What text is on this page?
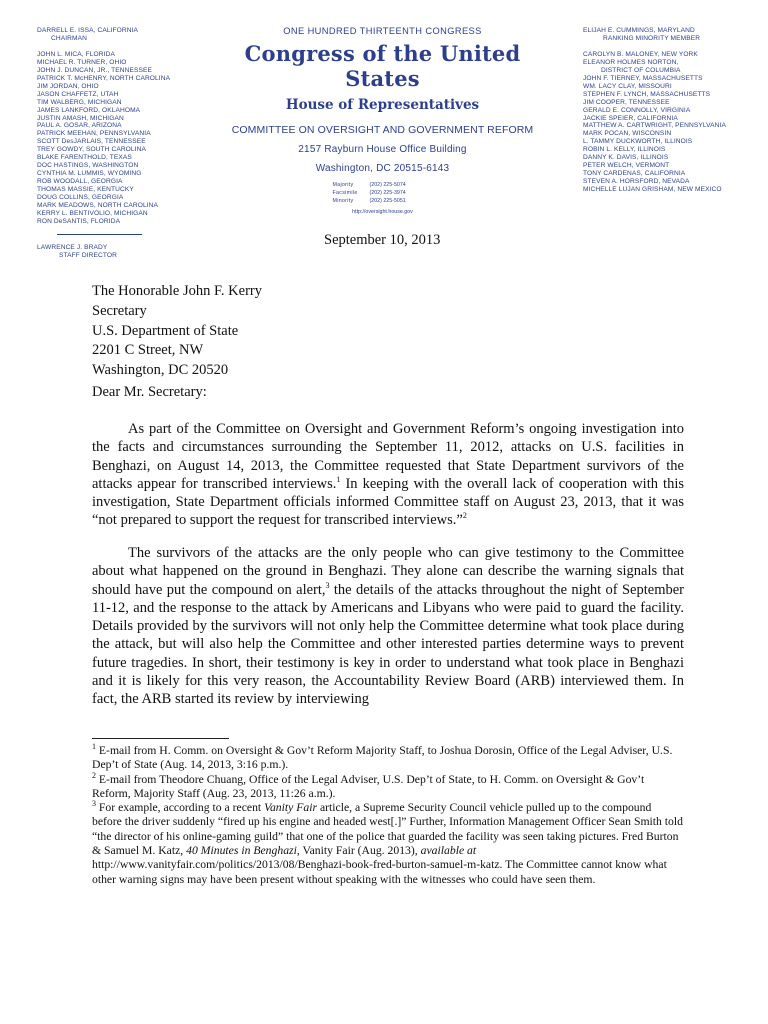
DARRELL E. ISSA, CALIFORNIA
CHAIRMAN
JOHN L. MICA, FLORIDA
MICHAEL R. TURNER, OHIO
JOHN J. DUNCAN, JR., TENNESSEE
PATRICK T. McHENRY, NORTH CAROLINA
JIM JORDAN, OHIO
JASON CHAFFETZ, UTAH
TIM WALBERG, MICHIGAN
JAMES LANKFORD, OKLAHOMA
JUSTIN AMASH, MICHIGAN
PAUL A. GOSAR, ARIZONA
PATRICK MEEHAN, PENNSYLVANIA
SCOTT DesJARLAIS, TENNESSEE
TREY GOWDY, SOUTH CAROLINA
BLAKE FARENTHOLD, TEXAS
DOC HASTINGS, WASHINGTON
CYNTHIA M. LUMMIS, WYOMING
ROB WOODALL, GEORGIA
THOMAS MASSIE, KENTUCKY
DOUG COLLINS, GEORGIA
MARK MEADOWS, NORTH CAROLINA
KERRY L. BENTIVOLIO, MICHIGAN
RON DeSANTIS, FLORIDA
LAWRENCE J. BRADY
STAFF DIRECTOR
ONE HUNDRED THIRTEENTH CONGRESS
Congress of the United States
House of Representatives
COMMITTEE ON OVERSIGHT AND GOVERNMENT REFORM
2157 Rayburn House Office Building
Washington, DC 20515-6143
Majority	(202) 225-5074
Facsimile	(202) 225-3974
Minority	(202) 225-5051
http://oversight.house.gov
ELIJAH E. CUMMINGS, MARYLAND
RANKING MINORITY MEMBER
CAROLYN B. MALONEY, NEW YORK
ELEANOR HOLMES NORTON,
DISTRICT OF COLUMBIA
JOHN F. TIERNEY, MASSACHUSETTS
WM. LACY CLAY, MISSOURI
STEPHEN F. LYNCH, MASSACHUSETTS
JIM COOPER, TENNESSEE
GERALD E. CONNOLLY, VIRGINIA
JACKIE SPEIER, CALIFORNIA
MATTHEW A. CARTWRIGHT, PENNSYLVANIA
MARK POCAN, WISCONSIN
L. TAMMY DUCKWORTH, ILLINOIS
ROBIN L. KELLY, ILLINOIS
DANNY K. DAVIS, ILLINOIS
PETER WELCH, VERMONT
TONY CARDENAS, CALIFORNIA
STEVEN A. HORSFORD, NEVADA
MICHELLE LUJAN GRISHAM, NEW MEXICO
September 10, 2013
The Honorable John F. Kerry
Secretary
U.S. Department of State
2201 C Street, NW
Washington, DC 20520
Dear Mr. Secretary:

As part of the Committee on Oversight and Government Reform’s ongoing investigation into the facts and circumstances surrounding the September 11, 2012, attacks on U.S. facilities in Benghazi, on August 14, 2013, the Committee requested that State Department survivors of the attacks appear for transcribed interviews.$^1$ In keeping with the overall lack of cooperation with this investigation, State Department officials informed Committee staff on August 23, 2013, that it was “not prepared to support the request for transcribed interviews.”$^2$

The survivors of the attacks are the only people who can give testimony to the Committee about what happened on the ground in Benghazi. They alone can describe the warning signals that should have put the compound on alert,$^3$ the details of the attacks throughout the night of September 11-12, and the response to the attack by Americans and Libyans who were paid to guard the facility. Details provided by the survivors will not only help the Committee determine what took place during the attack, but will also help the Committee and other interested parties determine ways to prevent future tragedies. In short, their testimony is key in order to understand what took place in Benghazi and it is likely for this very reason, the Accountability Review Board (ARB) interviewed them. In fact, the ARB started its review by interviewing

$^1$ E-mail from H. Comm. on Oversight & Gov’t Reform Majority Staff, to Joshua Dorosin, Office of the Legal Adviser, U.S. Dep’t of State (Aug. 14, 2013, 3:16 p.m.).

$^2$ E-mail from Theodore Chuang, Office of the Legal Adviser, U.S. Dep’t of State, to H. Comm. on Oversight & Gov’t Reform, Majority Staff (Aug. 23, 2013, 11:26 a.m.).

$^3$ For example, according to a recent Vanity Fair article, a Supreme Security Council vehicle pulled up to the compound before the driver suddenly “fired up his engine and headed west[.]” Further, Information Management Officer Sean Smith told “the director of his online-gaming guild” that one of the police that guarded the facility was seen taking pictures. Fred Burton & Samuel M. Katz, 40 Minutes in Benghazi, Vanity Fair (Aug. 2013), available at http://www.vanityfair.com/politics/2013/08/Benghazi-book-fred-burton-samuel-m-katz. The Committee cannot know what other warning signs may have been present without speaking with the witnesses who could have seen them.
